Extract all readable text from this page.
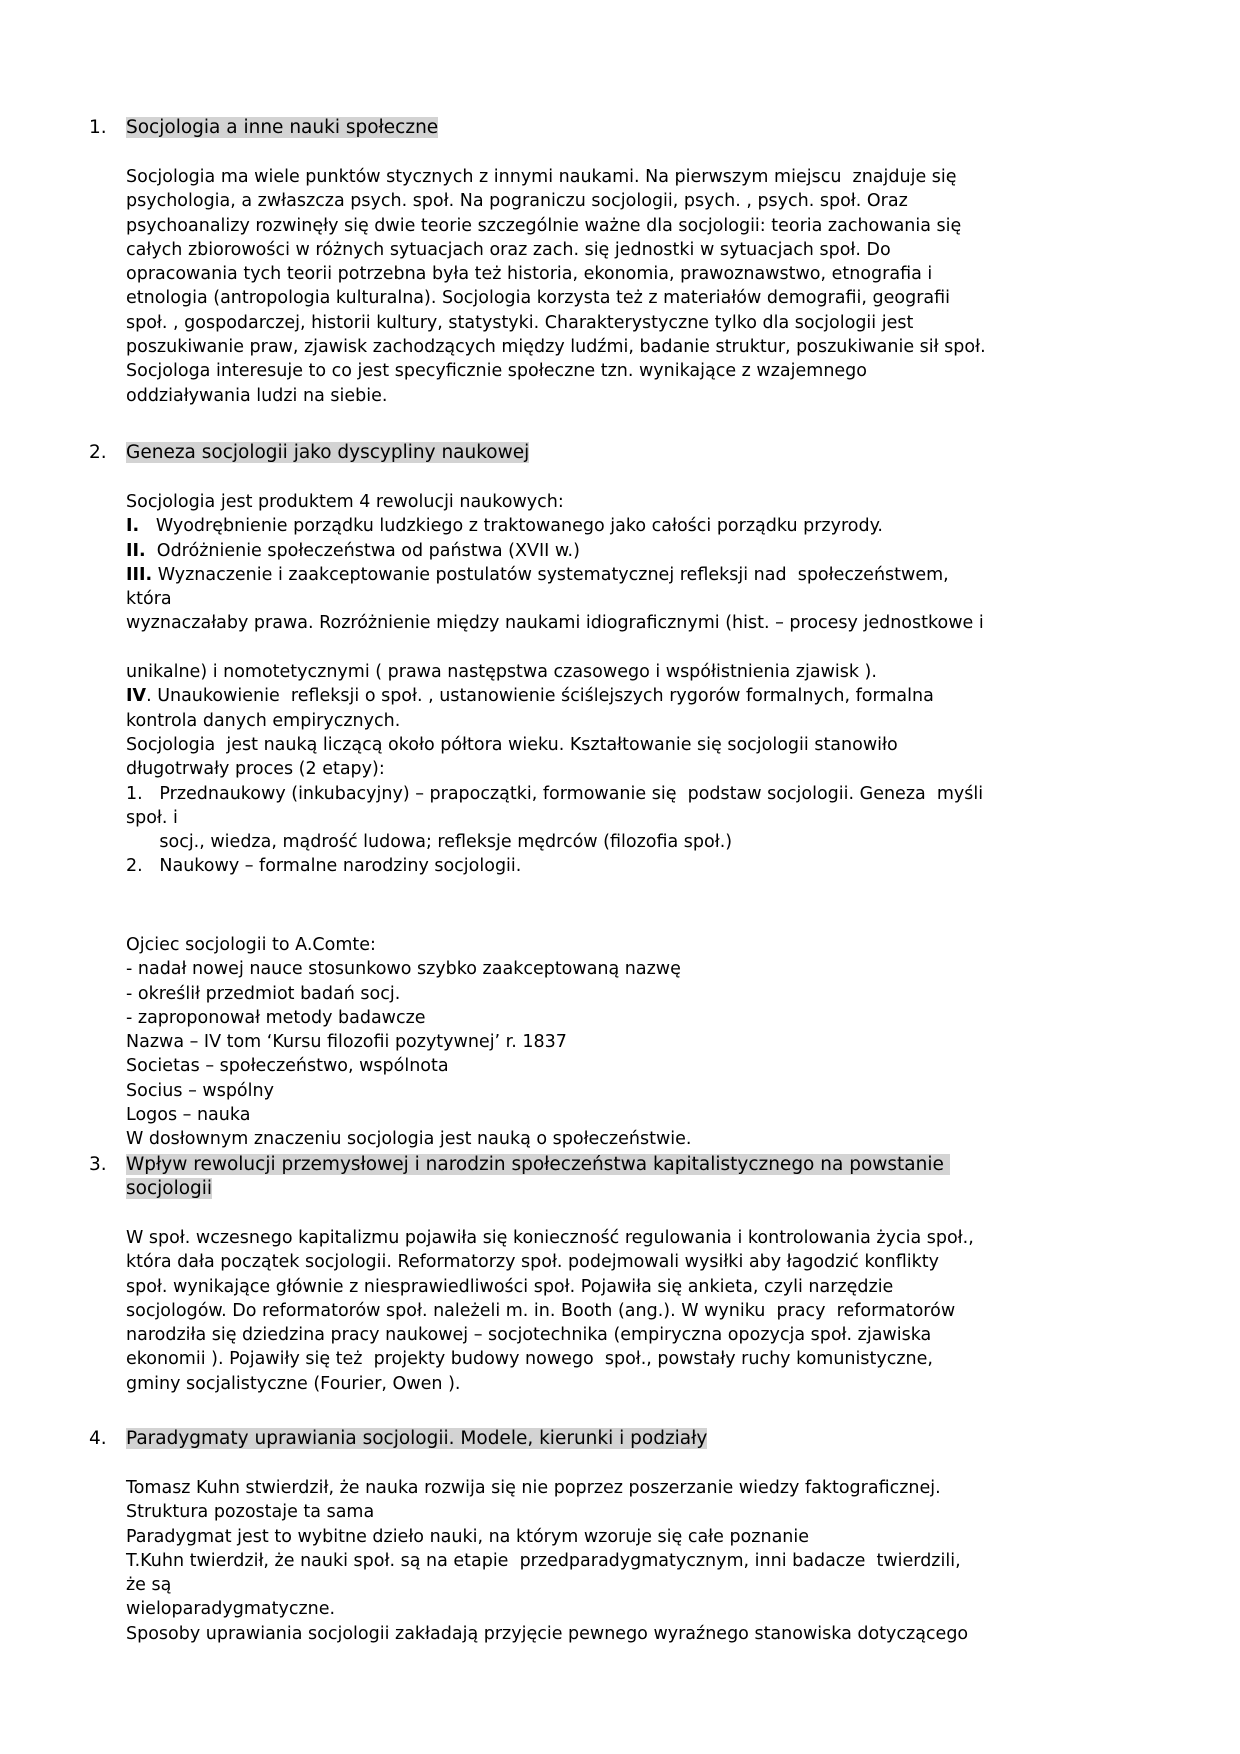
1. Socjologia a inne nauki społeczne
Socjologia ma wiele punktów stycznych z innymi naukami. Na pierwszym miejscu  znajduje się
psychologia, a zwłaszcza psych. społ. Na pograniczu socjologii, psych. , psych. społ. Oraz
psychoanalizy rozwinęły się dwie teorie szczególnie ważne dla socjologii: teoria zachowania się
całych zbiorowości w różnych sytuacjach oraz zach. się jednostki w sytuacjach społ. Do
opracowania tych teorii potrzebna była też historia, ekonomia, prawoznawstwo, etnografia i
etnologia (antropologia kulturalna). Socjologia korzysta też z materiałów demografii, geografii
społ. , gospodarczej, historii kultury, statystyki. Charakterystyczne tylko dla socjologii jest
poszukiwanie praw, zjawisk zachodzących między ludźmi, badanie struktur, poszukiwanie sił społ.
Socjologa interesuje to co jest specyficznie społeczne tzn. wynikające z wzajemnego
oddziaływania ludzi na siebie.
2. Geneza socjologii jako dyscypliny naukowej
Socjologia jest produktem 4 rewolucji naukowych:
I.   Wyodrębnienie porządku ludzkiego z traktowanego jako całości porządku przyrody.
II.  Odróżnienie społeczeństwa od państwa (XVII w.)
III. Wyznaczenie i zaakceptowanie postulatów systematycznej refleksji nad  społeczeństwem,
która
wyznaczałaby prawa. Rozróżnienie między naukami idiograficznymi (hist. – procesy jednostkowe i
unikalne) i nomotetycznymi ( prawa następstwa czasowego i współistnienia zjawisk ).
IV. Unaukowienie  refleksji o społ. , ustanowienie ściślejszych rygorów formalnych, formalna
kontrola danych empirycznych.
Socjologia  jest nauką liczącą około półtora wieku. Kształtowanie się socjologii stanowiło
długotrwały proces (2 etapy):
1.   Przednaukowy (inkubacyjny) – prapoczątki, formowanie się  podstaw socjologii. Geneza  myśli
społ. i
socj., wiedza, mądrość ludowa; refleksje mędrców (filozofia społ.)
2.   Naukowy – formalne narodziny socjologii.
Ojciec socjologii to A.Comte:
- nadał nowej nauce stosunkowo szybko zaakceptowaną nazwę
- określił przedmiot badań socj.
- zaproponował metody badawcze
Nazwa – IV tom ‘Kursu filozofii pozytywnej’ r. 1837
Societas – społeczeństwo, wspólnota
Socius – wspólny
Logos – nauka
W dosłownym znaczeniu socjologia jest nauką o społeczeństwie.
3. Wpływ rewolucji przemysłowej i narodzin społeczeństwa kapitalistycznego na powstanie
socjologii
W społ. wczesnego kapitalizmu pojawiła się konieczność regulowania i kontrolowania życia społ.,
która dała początek socjologii. Reformatorzy społ. podejmowali wysiłki aby łagodzić konflikty
społ. wynikające głównie z niesprawiedliwości społ. Pojawiła się ankieta, czyli narzędzie
socjologów. Do reformatorów społ. należeli m. in. Booth (ang.). W wyniku  pracy  reformatorów
narodziła się dziedzina pracy naukowej – socjotechnika (empiryczna opozycja społ. zjawiska
ekonomii ). Pojawiły się też  projekty budowy nowego  społ., powstały ruchy komunistyczne,
gminy socjalistyczne (Fourier, Owen ).
4. Paradygmaty uprawiania socjologii. Modele, kierunki i podziały
Tomasz Kuhn stwierdził, że nauka rozwija się nie poprzez poszerzanie wiedzy faktograficznej.
Struktura pozostaje ta sama
Paradygmat jest to wybitne dzieło nauki, na którym wzoruje się całe poznanie
T.Kuhn twierdził, że nauki społ. są na etapie  przedparadygmatycznym, inni badacze  twierdzili,
że są
wieloparadygmatyczne.
Sposoby uprawiania socjologii zakładają przyjęcie pewnego wyraźnego stanowiska dotyczącego
